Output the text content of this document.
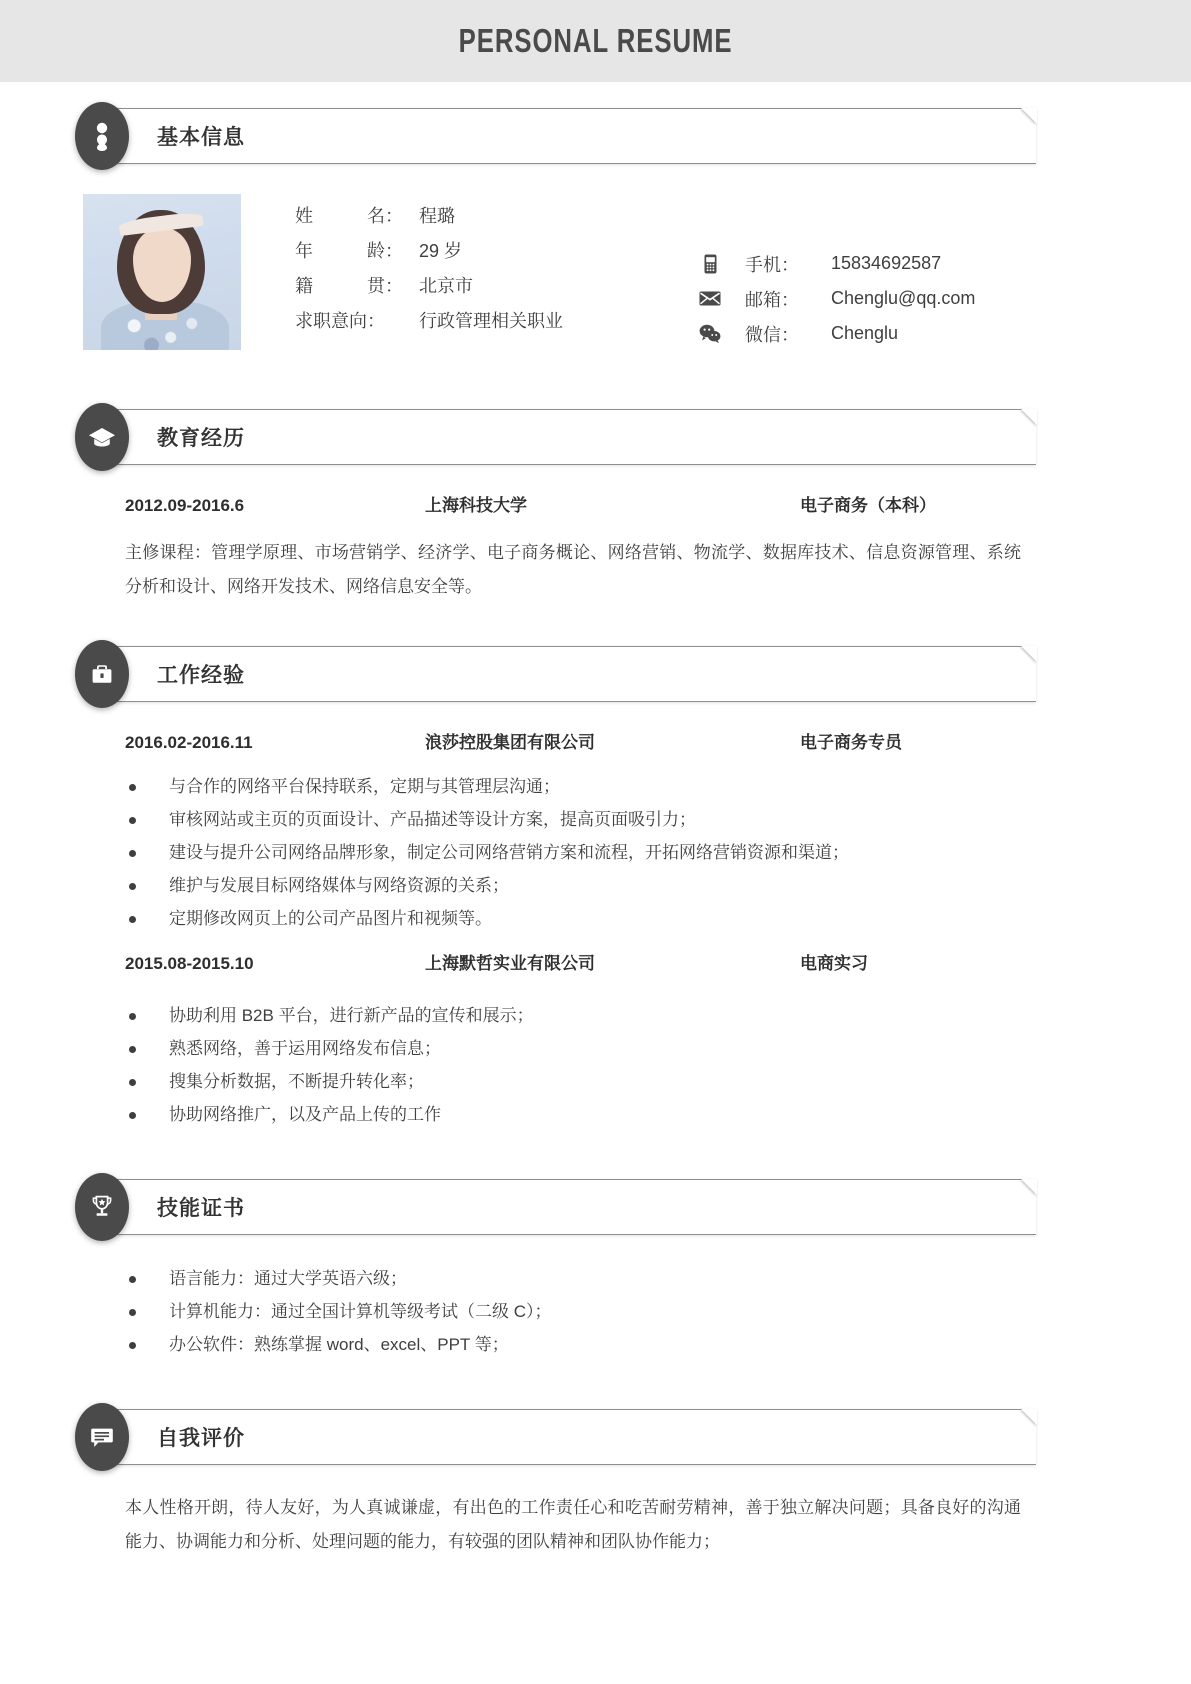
PERSONAL RESUME
基本信息
姓	名： 程璐
年	龄： 29 岁
籍	贯： 北京市
求职意向：	行政管理相关职业
手机：	15834692587
邮箱：	Chenglu@qq.com
微信：	Chenglu
教育经历
2012.09-2016.6	上海科技大学	电子商务（本科）
主修课程：管理学原理、市场营销学、经济学、电子商务概论、网络营销、物流学、数据库技术、信息资源管理、系统分析和设计、网络开发技术、网络信息安全等。
工作经验
2016.02-2016.11	浪莎控股集团有限公司	电子商务专员
与合作的网络平台保持联系，定期与其管理层沟通；
审核网站或主页的页面设计、产品描述等设计方案，提高页面吸引力；
建设与提升公司网络品牌形象，制定公司网络营销方案和流程，开拓网络营销资源和渠道；
维护与发展目标网络媒体与网络资源的关系；
定期修改网页上的公司产品图片和视频等。
2015.08-2015.10	上海默哲实业有限公司	电商实习
协助利用 B2B 平台，进行新产品的宣传和展示；
熟悉网络，善于运用网络发布信息；
搜集分析数据，不断提升转化率；
协助网络推广，以及产品上传的工作
技能证书
语言能力：通过大学英语六级；
计算机能力：通过全国计算机等级考试（二级 C）；
办公软件：熟练掌握 word、excel、PPT 等；
自我评价
本人性格开朗，待人友好，为人真诚谦虚，有出色的工作责任心和吃苦耐劳精神，善于独立解决问题；具备良好的沟通能力、协调能力和分析、处理问题的能力，有较强的团队精神和团队协作能力；
